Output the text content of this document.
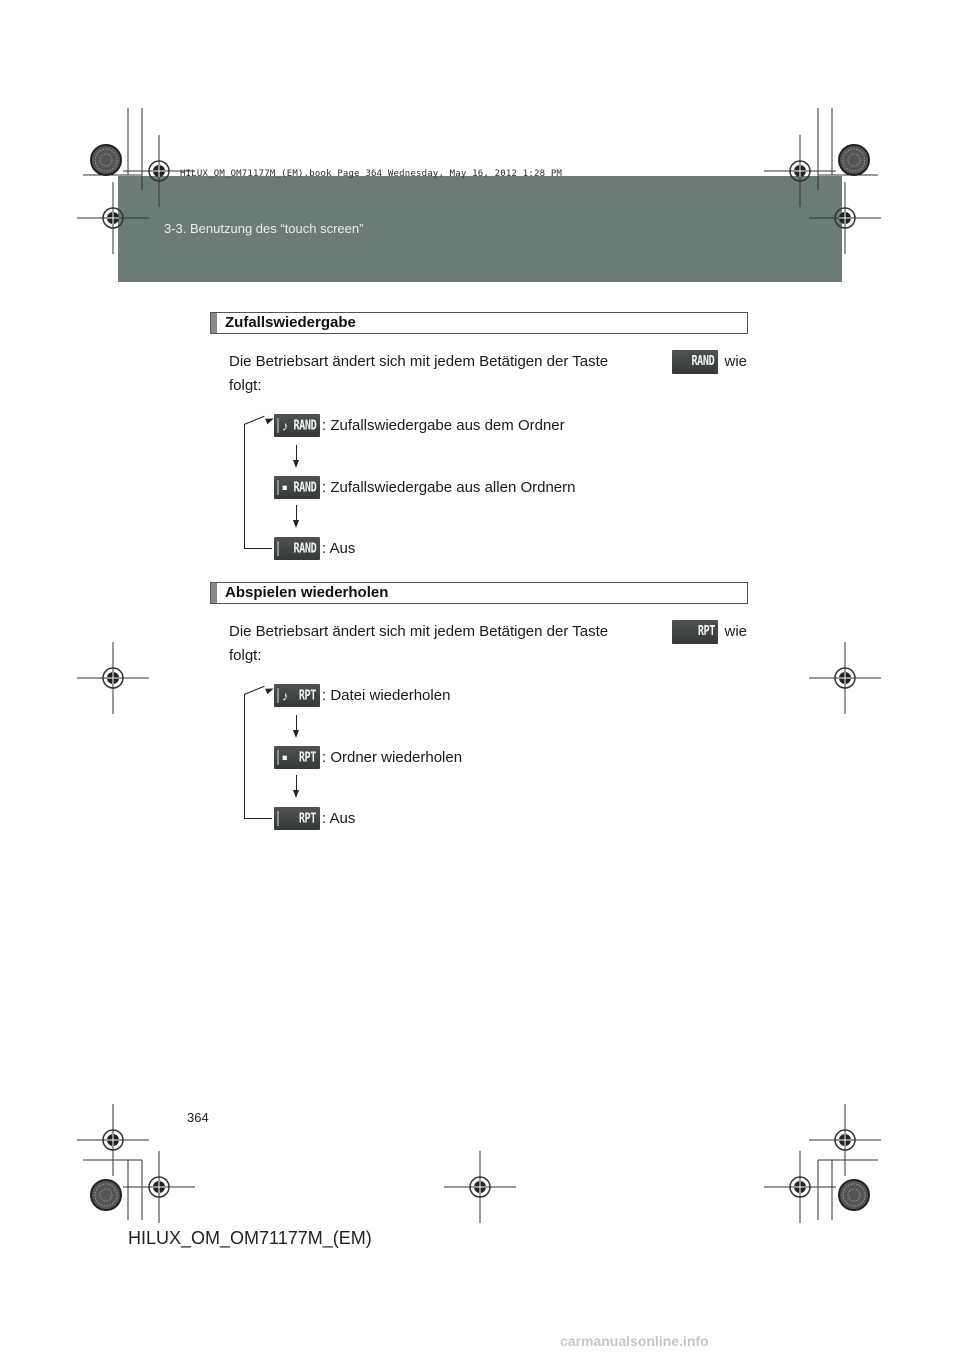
HILUX_OM_OM71177M_(EM).book Page 364 Wednesday, May 16, 2012 1:28 PM
3-3. Benutzung des “touch screen”
Zufallswiedergabe
Die Betriebsart ändert sich mit jedem Betätigen der Taste	RAND wie
folgt:
♪ RAND : Zufallswiedergabe aus dem Ordner
■ RAND : Zufallswiedergabe aus allen Ordnern
RAND : Aus
Abspielen wiederholen
Die Betriebsart ändert sich mit jedem Betätigen der Taste	RPT wie
folgt:
♪ RPT : Datei wiederholen
■ RPT : Ordner wiederholen
RPT : Aus
364
HILUX_OM_OM71177M_(EM)
carmanualsonline.info
